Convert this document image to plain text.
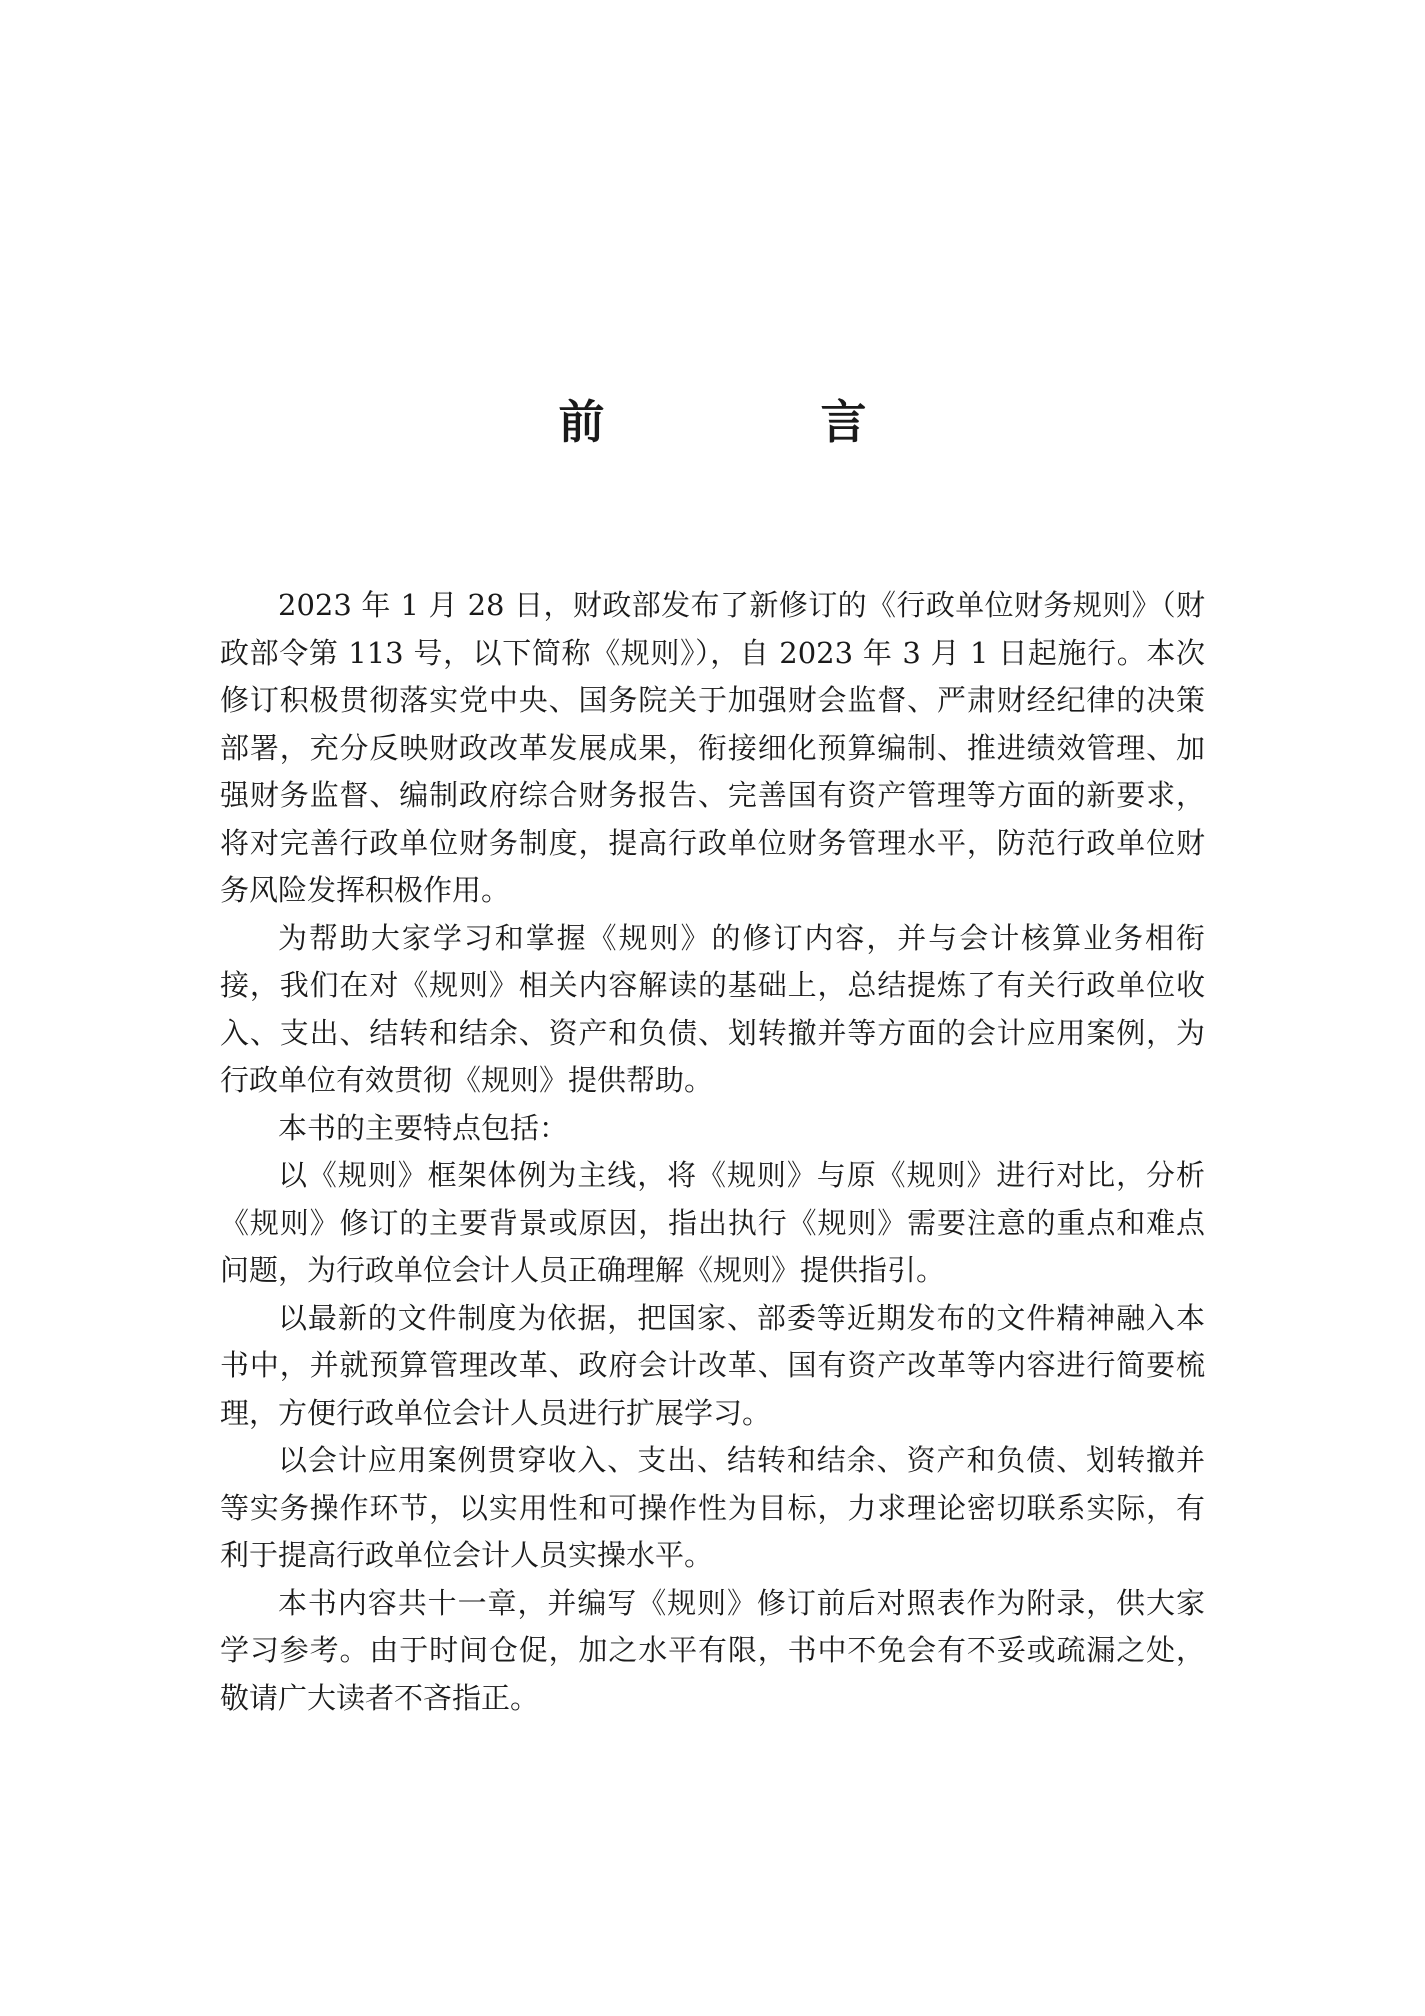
前 言

2023 年 1 月 28 日，财政部发布了新修订的《行政单位财务规则》（财政部令第 113 号，以下简称《规则》），自 2023 年 3 月 1 日起施行。本次修订积极贯彻落实党中央、国务院关于加强财会监督、严肃财经纪律的决策部署，充分反映财政改革发展成果，衔接细化预算编制、推进绩效管理、加强财务监督、编制政府综合财务报告、完善国有资产管理等方面的新要求，将对完善行政单位财务制度，提高行政单位财务管理水平，防范行政单位财务风险发挥积极作用。

为帮助大家学习和掌握《规则》的修订内容，并与会计核算业务相衔接，我们在对《规则》相关内容解读的基础上，总结提炼了有关行政单位收入、支出、结转和结余、资产和负债、划转撤并等方面的会计应用案例，为行政单位有效贯彻《规则》提供帮助。

本书的主要特点包括：

以《规则》框架体例为主线，将《规则》与原《规则》进行对比，分析《规则》修订的主要背景或原因，指出执行《规则》需要注意的重点和难点问题，为行政单位会计人员正确理解《规则》提供指引。

以最新的文件制度为依据，把国家、部委等近期发布的文件精神融入本书中，并就预算管理改革、政府会计改革、国有资产改革等内容进行简要梳理，方便行政单位会计人员进行扩展学习。

以会计应用案例贯穿收入、支出、结转和结余、资产和负债、划转撤并等实务操作环节，以实用性和可操作性为目标，力求理论密切联系实际，有利于提高行政单位会计人员实操水平。

本书内容共十一章，并编写《规则》修订前后对照表作为附录，供大家学习参考。由于时间仓促，加之水平有限，书中不免会有不妥或疏漏之处，敬请广大读者不吝指正。
